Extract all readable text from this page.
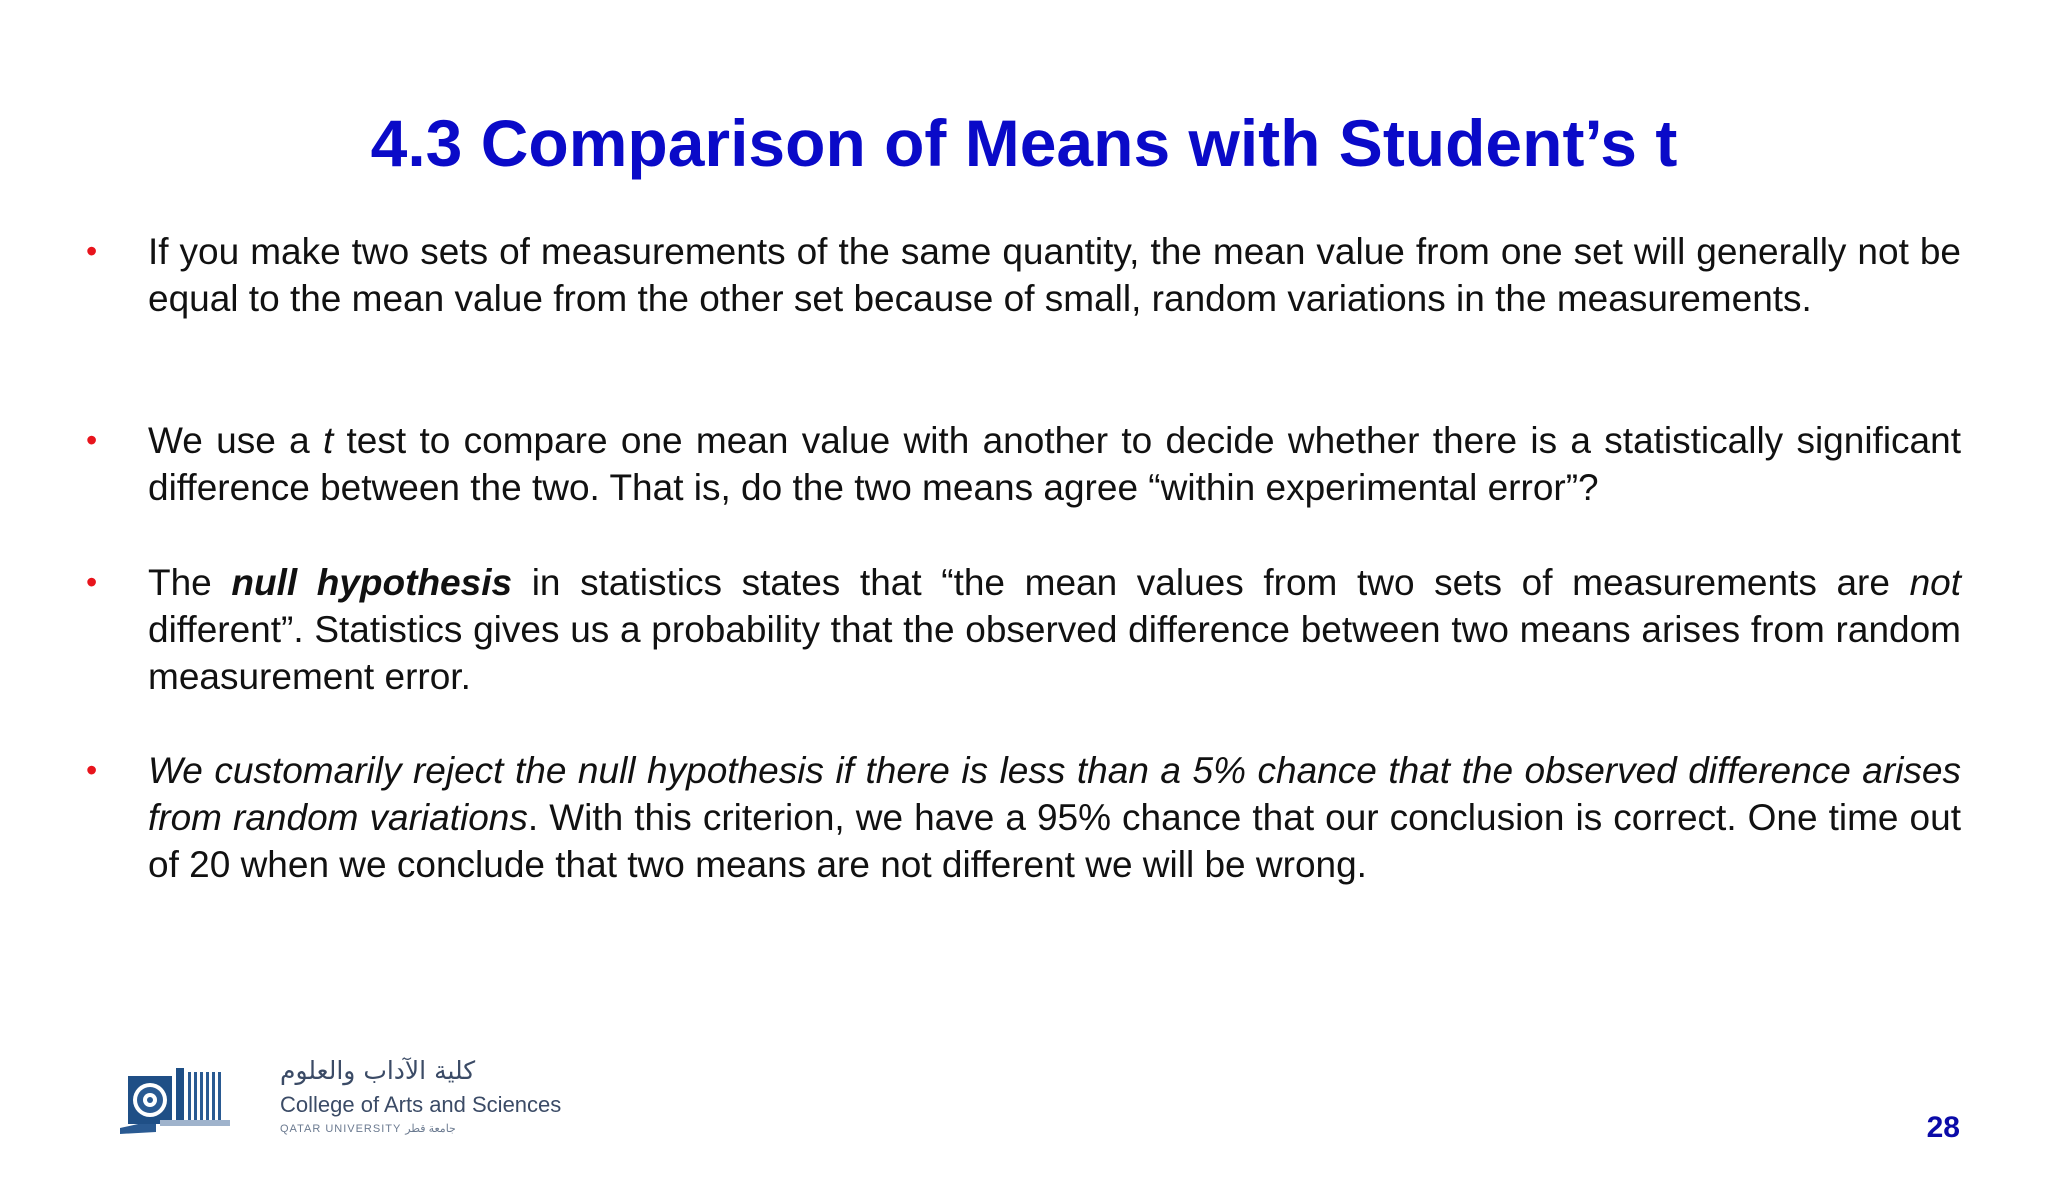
4.3 Comparison of Means with Student’s t
• If you make two sets of measurements of the same quantity, the mean value from one set will generally not be equal to the mean value from the other set because of small, random variations in the measurements.
• We use a t test to compare one mean value with another to decide whether there is a statistically significant difference between the two. That is, do the two means agree “within experimental error”?
• The null hypothesis in statistics states that “the mean values from two sets of measurements are not different”. Statistics gives us a probability that the observed difference between two means arises from random measurement error.
• We customarily reject the null hypothesis if there is less than a 5% chance that the observed difference arises from random variations. With this criterion, we have a 95% chance that our conclusion is correct. One time out of 20 when we conclude that two means are not different we will be wrong.
كلية الآداب والعلوم
College of Arts and Sciences
QATAR UNIVERSITY جامعة قطر	28
